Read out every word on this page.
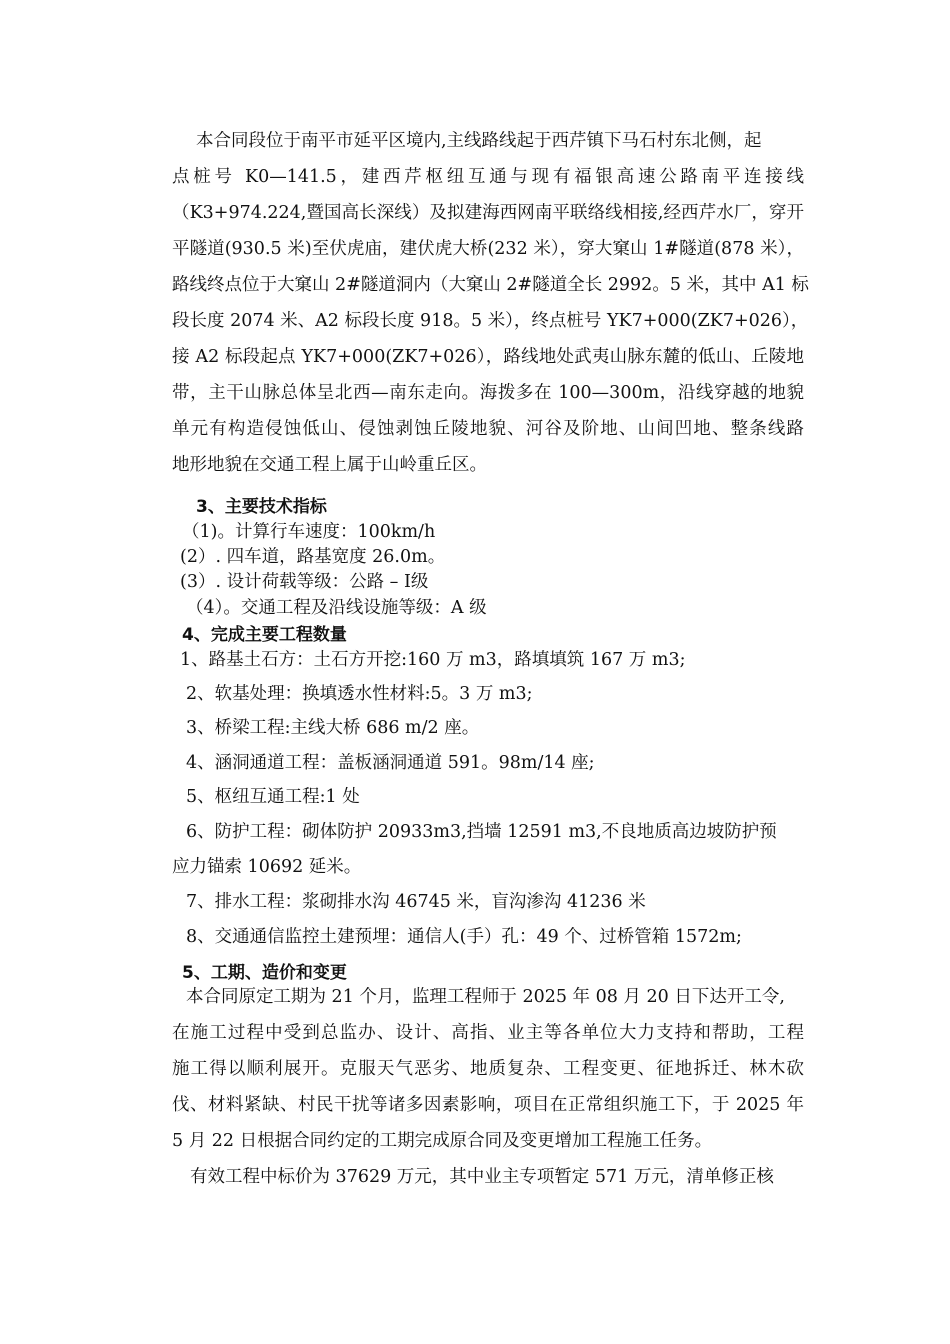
本合同段位于南平市延平区境内,主线路线起于西芹镇下马石村东北侧，起
点桩号 K0—141.5，建西芹枢纽互通与现有福银高速公路南平连接线
（K3+974.224,暨国高长深线）及拟建海西网南平联络线相接,经西芹水厂，穿开
平隧道(930.5 米)至伏虎庙，建伏虎大桥(232 米），穿大窠山 1#隧道(878 米），
路线终点位于大窠山 2#隧道洞内（大窠山 2#隧道全长 2992。5 米，其中 A1 标
段长度 2074 米、A2 标段长度 918。5 米），终点桩号 YK7+000(ZK7+026），
接 A2 标段起点 YK7+000(ZK7+026），路线地处武夷山脉东麓的低山、丘陵地
带，主干山脉总体呈北西—南东走向。海拨多在 100—300m，沿线穿越的地貌
单元有构造侵蚀低山、侵蚀剥蚀丘陵地貌、河谷及阶地、山间凹地、整条线路
地形地貌在交通工程上属于山岭重丘区。
3、主要技术指标
（1)。计算行车速度：100km/h
(2）. 四车道，路基宽度 26.0m。
(3）. 设计荷载等级：公路 – Ⅰ级
（4）。交通工程及沿线设施等级：A 级
4、完成主要工程数量
1、路基土石方：土石方开挖:160 万 m3，路填填筑 167 万 m3;
2、软基处理：换填透水性材料:5。3 万 m3;
3、桥梁工程:主线大桥 686 m/2 座。
4、涵洞通道工程：盖板涵洞通道 591。98m/14 座;
5、枢纽互通工程:1 处
6、防护工程：砌体防护 20933m3,挡墙 12591 m3,不良地质高边坡防护预
应力锚索 10692 延米。
7、排水工程：浆砌排水沟 46745 米，盲沟渗沟 41236 米
8、交通通信监控土建预埋：通信人(手）孔：49 个、过桥管箱 1572m;
5、工期、造价和变更
本合同原定工期为 21 个月，监理工程师于 2025 年 08 月 20 日下达开工令,
在施工过程中受到总监办、设计、高指、业主等各单位大力支持和帮助，工程
施工得以顺利展开。克服天气恶劣、地质复杂、工程变更、征地拆迁、林木砍
伐、材料紧缺、村民干扰等诸多因素影响，项目在正常组织施工下，于 2025 年
5 月 22 日根据合同约定的工期完成原合同及变更增加工程施工任务。
有效工程中标价为 37629 万元，其中业主专项暂定 571 万元，清单修正核
